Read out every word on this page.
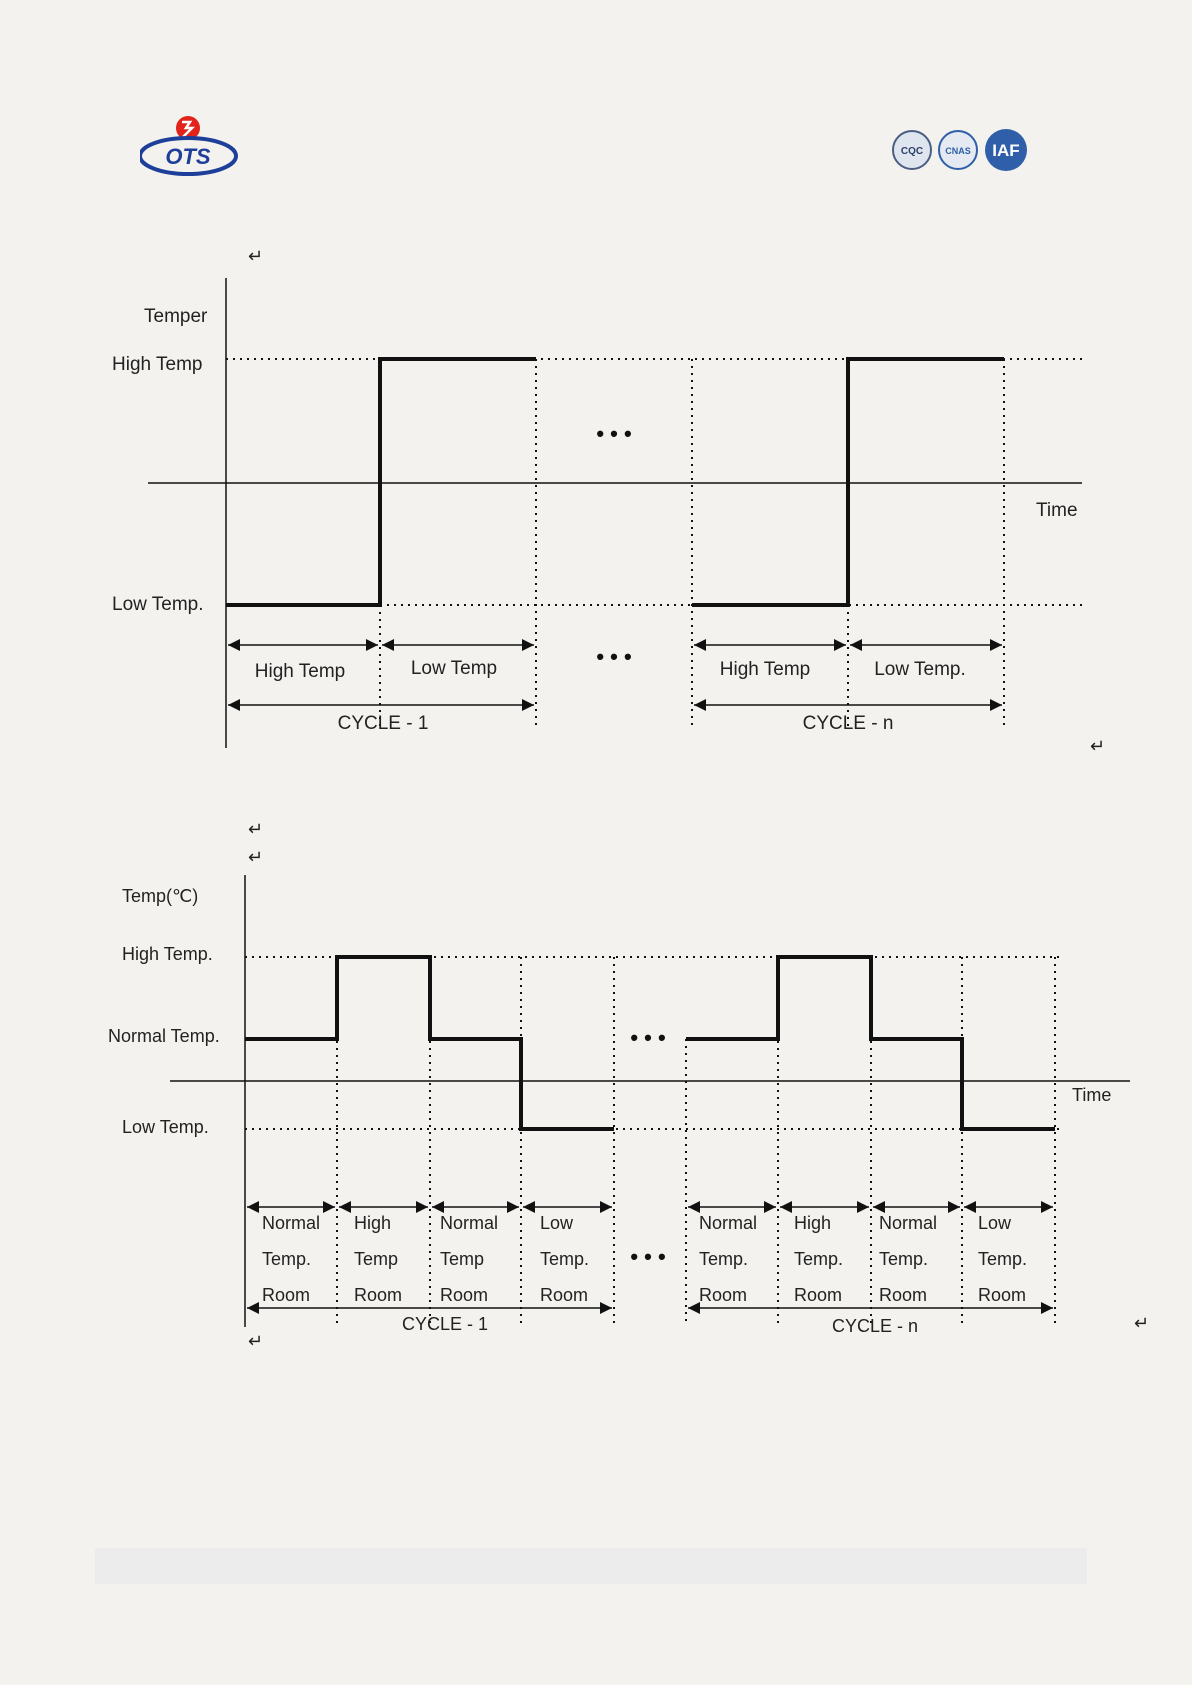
OTS	CQC CNAS IAF
↵
↵
Temper
High Temp
Low Temp.
Time
• • •
• • •
High Temp	Low Temp	High Temp	Low Temp.
CYCLE - 1	CYCLE - n
↵
↵
↵
↵
Temp(℃)
High Temp.
Normal Temp.
Low Temp.
Time
• • •
• • •
Normal
Temp.
Room
High
Temp
Room
Normal
Temp
Room
Low
Temp.
Room
Normal
Temp.
Room
High
Temp.
Room
Normal
Temp.
Room
Low
Temp.
Room
CYCLE - 1	CYCLE - n
